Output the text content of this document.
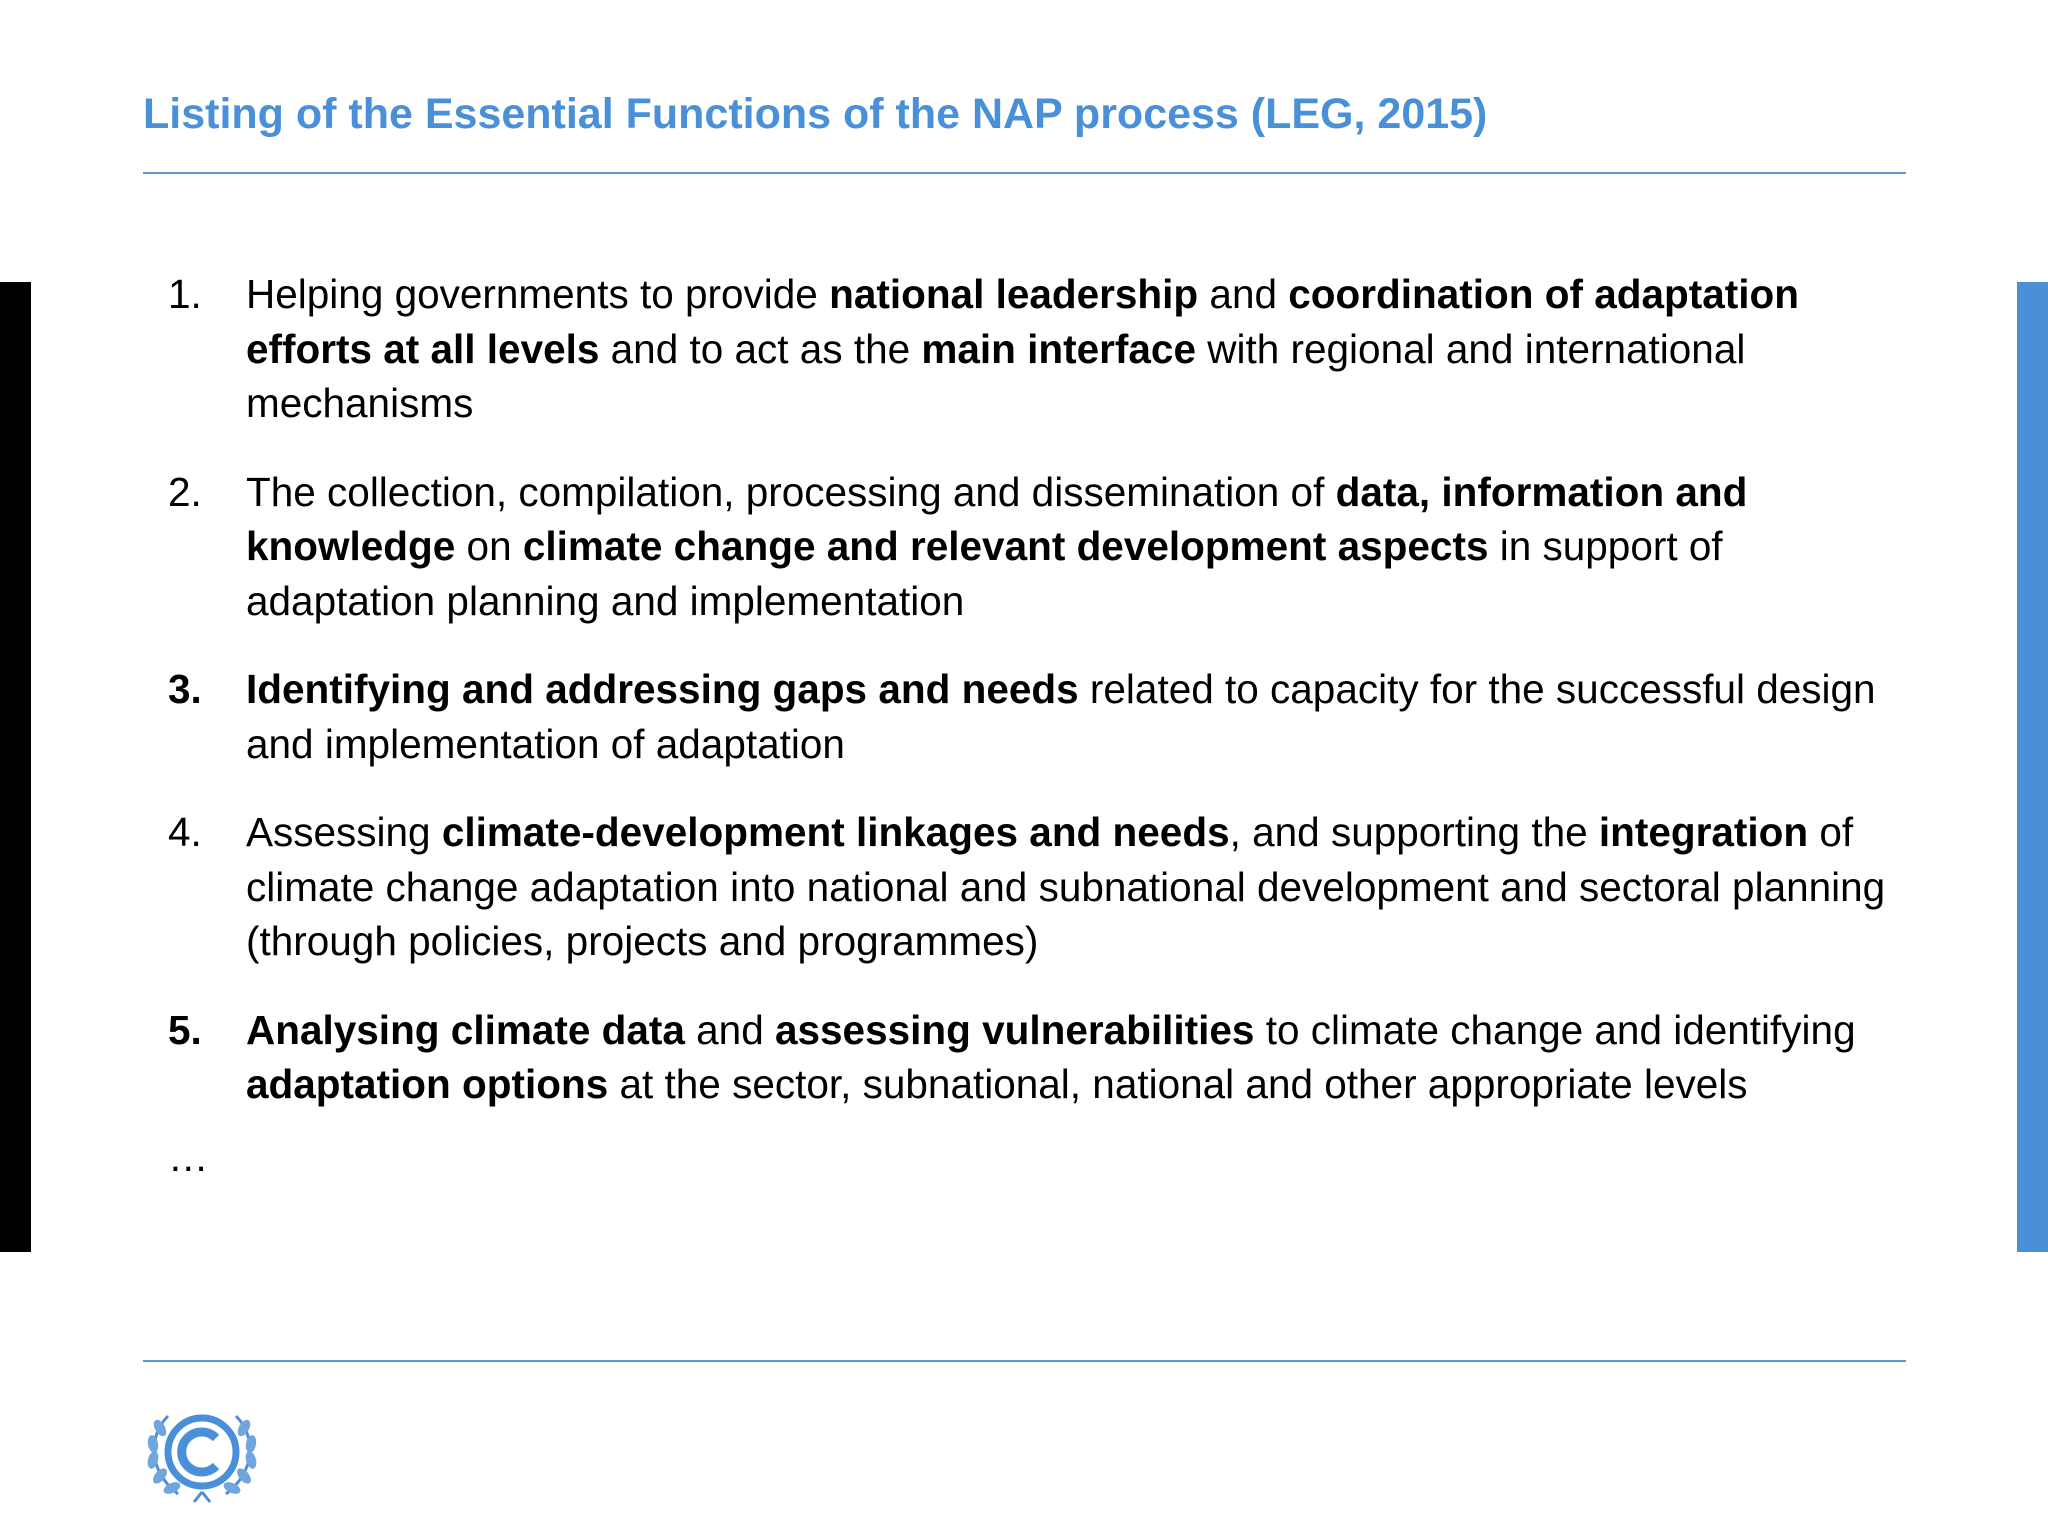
Listing of the Essential Functions of the NAP process (LEG, 2015)
1.	Helping governments to provide national leadership and coordination of adaptation efforts at all levels and to act as the main interface with regional and international mechanisms
2.	The collection, compilation, processing and dissemination of data, information and knowledge on climate change and relevant development aspects in support of adaptation planning and implementation
3.	Identifying and addressing gaps and needs related to capacity for the successful design and implementation of adaptation
4.	Assessing climate-development linkages and needs, and supporting the integration of climate change adaptation into national and subnational development and sectoral planning (through policies, projects and programmes)
5.	Analysing climate data and assessing vulnerabilities to climate change and identifying adaptation options at the sector, subnational, national and other appropriate levels
…
